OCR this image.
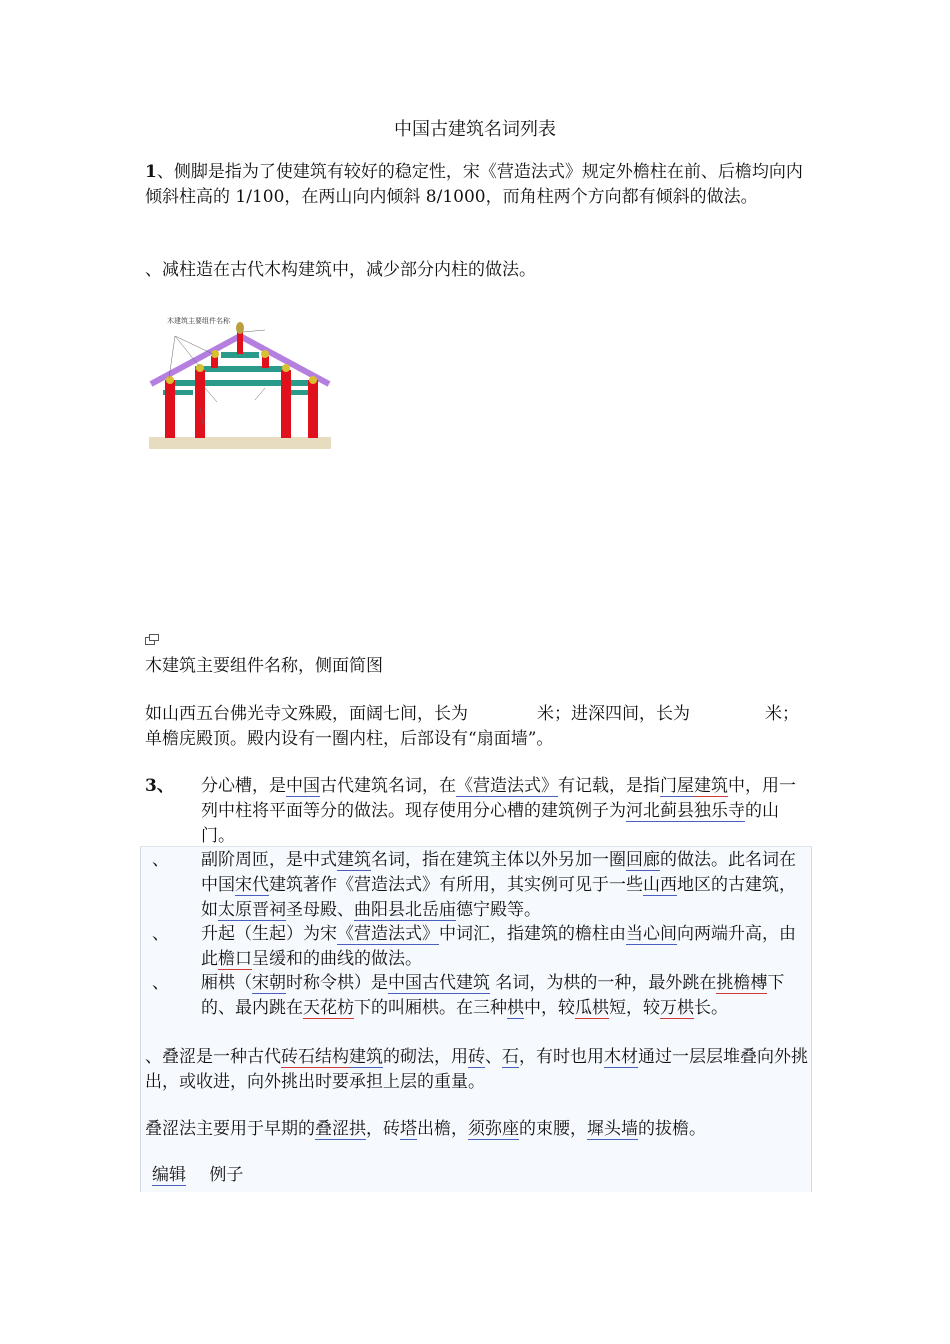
中国古建筑名词列表
1、侧脚是指为了使建筑有较好的稳定性，宋《营造法式》规定外檐柱在前、后檐均向内倾斜柱高的 1/100，在两山向内倾斜 8/1000，而角柱两个方向都有倾斜的做法。
、减柱造在古代木构建筑中，减少部分内柱的做法。
木建筑主要组件名称
木建筑主要组件名称，侧面简图
如山西五台佛光寺文殊殿，面阔七间，长为	米；进深四间，长为	米；
单檐庑殿顶。殿内设有一圈内柱，后部设有“扇面墙”。
3、 分心槽，是中国古代建筑名词，在《营造法式》有记载，是指门屋建筑中，用一列中柱将平面等分的做法。现存使用分心槽的建筑例子为河北蓟县独乐寺的山门。
、 副阶周匝，是中式建筑名词，指在建筑主体以外另加一圈回廊的做法。此名词在中国宋代建筑著作《营造法式》有所用，其实例可见于一些山西地区的古建筑，如太原晋祠圣母殿、曲阳县北岳庙德宁殿等。
、 升起（生起）为宋《营造法式》中词汇，指建筑的檐柱由当心间向两端升高，由此檐口呈缓和的曲线的做法。
、 厢栱（宋朝时称令栱）是中国古代建筑 名词，为栱的一种，最外跳在挑檐槫下的、最内跳在天花枋下的叫厢栱。在三种栱中，较瓜栱短，较万栱长。
、叠涩是一种古代砖石结构建筑的砌法，用砖、石，有时也用木材通过一层层堆叠向外挑出，或收进，向外挑出时要承担上层的重量。
叠涩法主要用于早期的叠涩拱，砖塔出檐，须弥座的束腰，墀头墙的拔檐。
编辑 例子
